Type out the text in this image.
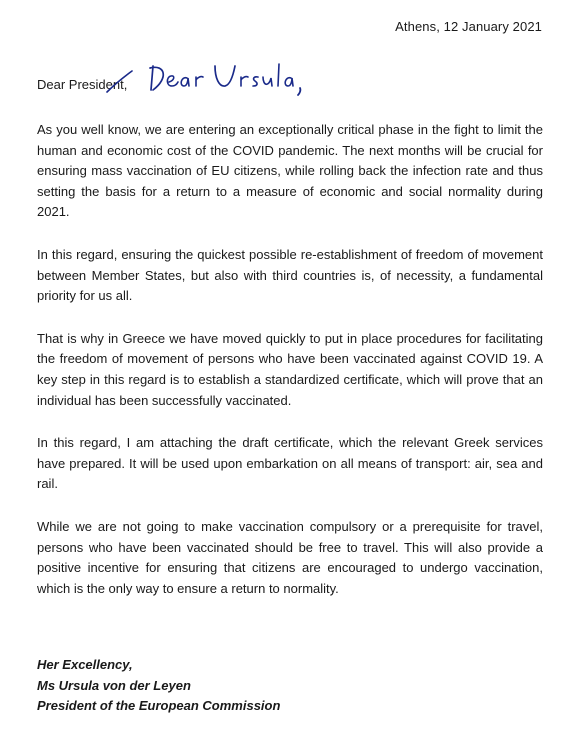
Athens, 12 January 2021
Dear President,

As you well know, we are entering an exceptionally critical phase in the fight to limit the human and economic cost of the COVID pandemic. The next months will be crucial for ensuring mass vaccination of EU citizens, while rolling back the infection rate and thus setting the basis for a return to a measure of economic and social normality during 2021.

In this regard, ensuring the quickest possible re-establishment of freedom of movement between Member States, but also with third countries is, of necessity, a fundamental priority for us all.

That is why in Greece we have moved quickly to put in place procedures for facilitating the freedom of movement of persons who have been vaccinated against COVID 19. A key step in this regard is to establish a standardized certificate, which will prove that an individual has been successfully vaccinated.

In this regard, I am attaching the draft certificate, which the relevant Greek services have prepared. It will be used upon embarkation on all means of transport: air, sea and rail.

While we are not going to make vaccination compulsory or a prerequisite for travel, persons who have been vaccinated should be free to travel. This will also provide a positive incentive for ensuring that citizens are encouraged to undergo vaccination, which is the only way to ensure a return to normality.

Her Excellency,
Ms Ursula von der Leyen
President of the European Commission
